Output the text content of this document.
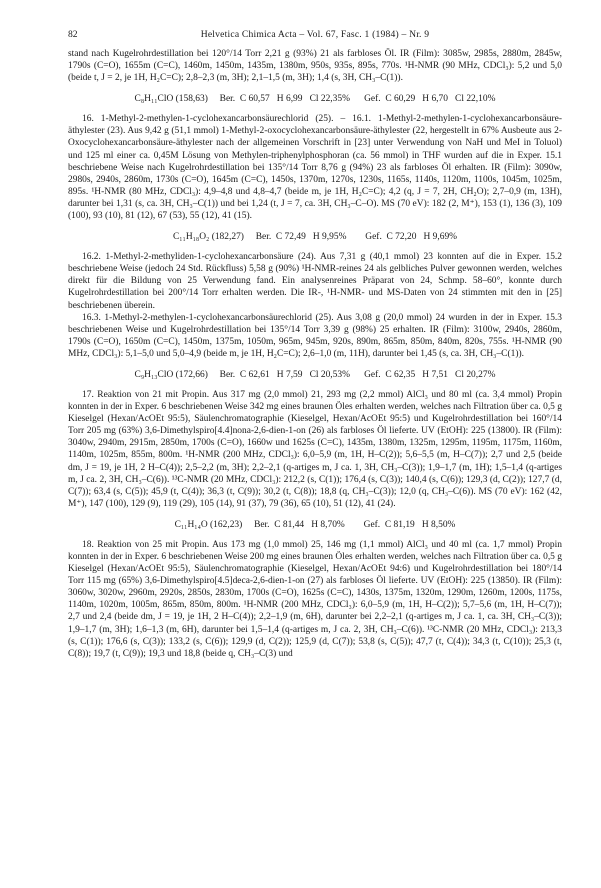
82	Helvetica Chimica Acta – Vol. 67, Fasc. 1 (1984) – Nr. 9

stand nach Kugelrohrdestillation bei 120°/14 Torr 2,21 g (93%) 21 als farbloses Öl. IR (Film): 3085w, 2985s, 2880m, 2845w, 1790s (C=O), 1655m (C=C), 1460m, 1450m, 1435m, 1380m, 950s, 935s, 895s, 770s. ¹H-NMR (90 MHz, CDCl₃): 5,2 und 5,0 (beide t, J = 2, je 1H, H₂C=C); 2,8–2,3 (m, 3H); 2,1–1,5 (m, 3H); 1,4 (s, 3H, CH₃–C(1)).

C₈H₁₁ClO (158,63)     Ber.  C 60,57   H 6,99   Cl 22,35%      Gef.  C 60,29   H 6,70   Cl 22,10%

16. 1-Methyl-2-methylen-1-cyclohexancarbonsäurechlorid (25). – 16.1. 1-Methyl-2-methylen-1-cyclohexancarbonsäure-äthylester (23). Aus 9,42 g (51,1 mmol) 1-Methyl-2-oxocyclohexancarbonsäure-äthylester (22, hergestellt in 67% Ausbeute aus 2-Oxocyclohexancarbonsäure-äthylester nach der allgemeinen Vorschrift in [23] unter Verwendung von NaH und MeI in Toluol) und 125 ml einer ca. 0,45M Lösung von Methylen-triphenylphosphoran (ca. 56 mmol) in THF wurden auf die in Exper. 15.1 beschriebene Weise nach Kugelrohrdestillation bei 135°/14 Torr 8,76 g (94%) 23 als farbloses Öl erhalten. IR (Film): 3090w, 2980s, 2940s, 2860m, 1730s (C=O), 1645m (C=C), 1450s, 1370m, 1270s, 1230s, 1165s, 1140s, 1120m, 1100s, 1045m, 1025m, 895s. ¹H-NMR (80 MHz, CDCl₃): 4,9–4,8 und 4,8–4,7 (beide m, je 1H, H₂C=C); 4,2 (q, J = 7, 2H, CH₂O); 2,7–0,9 (m, 13H), darunter bei 1,31 (s, ca. 3H, CH₃–C(1)) und bei 1,24 (t, J = 7, ca. 3H, CH₃–C–O). MS (70 eV): 182 (2, M⁺), 153 (1), 136 (3), 109 (100), 93 (10), 81 (12), 67 (53), 55 (12), 41 (15).

C₁₁H₁₈O₂ (182,27)     Ber.  C 72,49   H 9,95%        Gef.  C 72,20   H 9,69%

16.2. 1-Methyl-2-methyliden-1-cyclohexancarbonsäure (24). Aus 7,31 g (40,1 mmol) 23 konnten auf die in Exper. 15.2 beschriebene Weise (jedoch 24 Std. Rückfluss) 5,58 g (90%) ¹H-NMR-reines 24 als gelbliches Pulver gewonnen werden, welches direkt für die Bildung von 25 Verwendung fand. Ein analysenreines Präparat von 24, Schmp. 58–60°, konnte durch Kugelrohrdestillation bei 200°/14 Torr erhalten werden. Die IR-, ¹H-NMR- und MS-Daten von 24 stimmten mit den in [25] beschriebenen überein.

16.3. 1-Methyl-2-methylen-1-cyclohexancarbonsäurechlorid (25). Aus 3,08 g (20,0 mmol) 24 wurden in der in Exper. 15.3 beschriebenen Weise und Kugelrohrdestillation bei 135°/14 Torr 3,39 g (98%) 25 erhalten. IR (Film): 3100w, 2940s, 2860m, 1790s (C=O), 1650m (C=C), 1450m, 1375m, 1050m, 965m, 945m, 920s, 890m, 865m, 850m, 840m, 820s, 755s. ¹H-NMR (90 MHz, CDCl₃): 5,1–5,0 und 5,0–4,9 (beide m, je 1H, H₂C=C); 2,6–1,0 (m, 11H), darunter bei 1,45 (s, ca. 3H, CH₃–C(1)).

C₉H₁₃ClO (172,66)     Ber.  C 62,61   H 7,59   Cl 20,53%      Gef.  C 62,35   H 7,51   Cl 20,27%

17. Reaktion von 21 mit Propin. Aus 317 mg (2,0 mmol) 21, 293 mg (2,2 mmol) AlCl₃ und 80 ml (ca. 3,4 mmol) Propin konnten in der in Exper. 6 beschriebenen Weise 342 mg eines braunen Öles erhalten werden, welches nach Filtration über ca. 0,5 g Kieselgel (Hexan/AcOEt 95:5), Säulenchromatographie (Kieselgel, Hexan/AcOEt 95:5) und Kugelrohrdestillation bei 160°/14 Torr 205 mg (63%) 3,6-Dimethylspiro[4.4]nona-2,6-dien-1-on (26) als farbloses Öl lieferte. UV (EtOH): 225 (13800). IR (Film): 3040w, 2940m, 2915m, 2850m, 1700s (C=O), 1660w und 1625s (C=C), 1435m, 1380m, 1325m, 1295m, 1195m, 1175m, 1160m, 1140m, 1025m, 855m, 800m. ¹H-NMR (200 MHz, CDCl₃): 6,0–5,9 (m, 1H, H–C(2)); 5,6–5,5 (m, H–C(7)); 2,7 und 2,5 (beide dm, J = 19, je 1H, 2 H–C(4)); 2,5–2,2 (m, 3H); 2,2–2,1 (q-artiges m, J ca. 1, 3H, CH₃–C(3)); 1,9–1,7 (m, 1H); 1,5–1,4 (q-artiges m, J ca. 2, 3H, CH₃–C(6)). ¹³C-NMR (20 MHz, CDCl₃): 212,2 (s, C(1)); 176,4 (s, C(3)); 140,4 (s, C(6)); 129,3 (d, C(2)); 127,7 (d, C(7)); 63,4 (s, C(5)); 45,9 (t, C(4)); 36,3 (t, C(9)); 30,2 (t, C(8)); 18,8 (q, CH₃–C(3)); 12,0 (q, CH₃–C(6)). MS (70 eV): 162 (42, M⁺), 147 (100), 129 (9), 119 (29), 105 (14), 91 (37), 79 (36), 65 (10), 51 (12), 41 (24).

C₁₁H₁₄O (162,23)     Ber.  C 81,44   H 8,70%        Gef.  C 81,19   H 8,50%

18. Reaktion von 25 mit Propin. Aus 173 mg (1,0 mmol) 25, 146 mg (1,1 mmol) AlCl₃ und 40 ml (ca. 1,7 mmol) Propin konnten in der in Exper. 6 beschriebenen Weise 200 mg eines braunen Öles erhalten werden, welches nach Filtration über ca. 0,5 g Kieselgel (Hexan/AcOEt 95:5), Säulenchromatographie (Kieselgel, Hexan/AcOEt 94:6) und Kugelrohrdestillation bei 180°/14 Torr 115 mg (65%) 3,6-Dimethylspiro[4.5]deca-2,6-dien-1-on (27) als farbloses Öl lieferte. UV (EtOH): 225 (13850). IR (Film): 3060w, 3020w, 2960m, 2920s, 2850s, 2830m, 1700s (C=O), 1625s (C=C), 1430s, 1375m, 1320m, 1290m, 1260m, 1200s, 1175s, 1140m, 1020m, 1005m, 865m, 850m, 800m. ¹H-NMR (200 MHz, CDCl₃): 6,0–5,9 (m, 1H, H–C(2)); 5,7–5,6 (m, 1H, H–C(7)); 2,7 und 2,4 (beide dm, J = 19, je 1H, 2 H–C(4)); 2,2–1,9 (m, 6H), darunter bei 2,2–2,1 (q-artiges m, J ca. 1, ca. 3H, CH₃–C(3)); 1,9–1,7 (m, 3H); 1,6–1,3 (m, 6H), darunter bei 1,5–1,4 (q-artiges m, J ca. 2, 3H, CH₃–C(6)). ¹³C-NMR (20 MHz, CDCl₃): 213,3 (s, C(1)); 176,6 (s, C(3)); 133,2 (s, C(6)); 129,9 (d, C(2)); 125,9 (d, C(7)); 53,8 (s, C(5)); 47,7 (t, C(4)); 34,3 (t, C(10)); 25,3 (t, C(8)); 19,7 (t, C(9)); 19,3 und 18,8 (beide q, CH₃–C(3) und
